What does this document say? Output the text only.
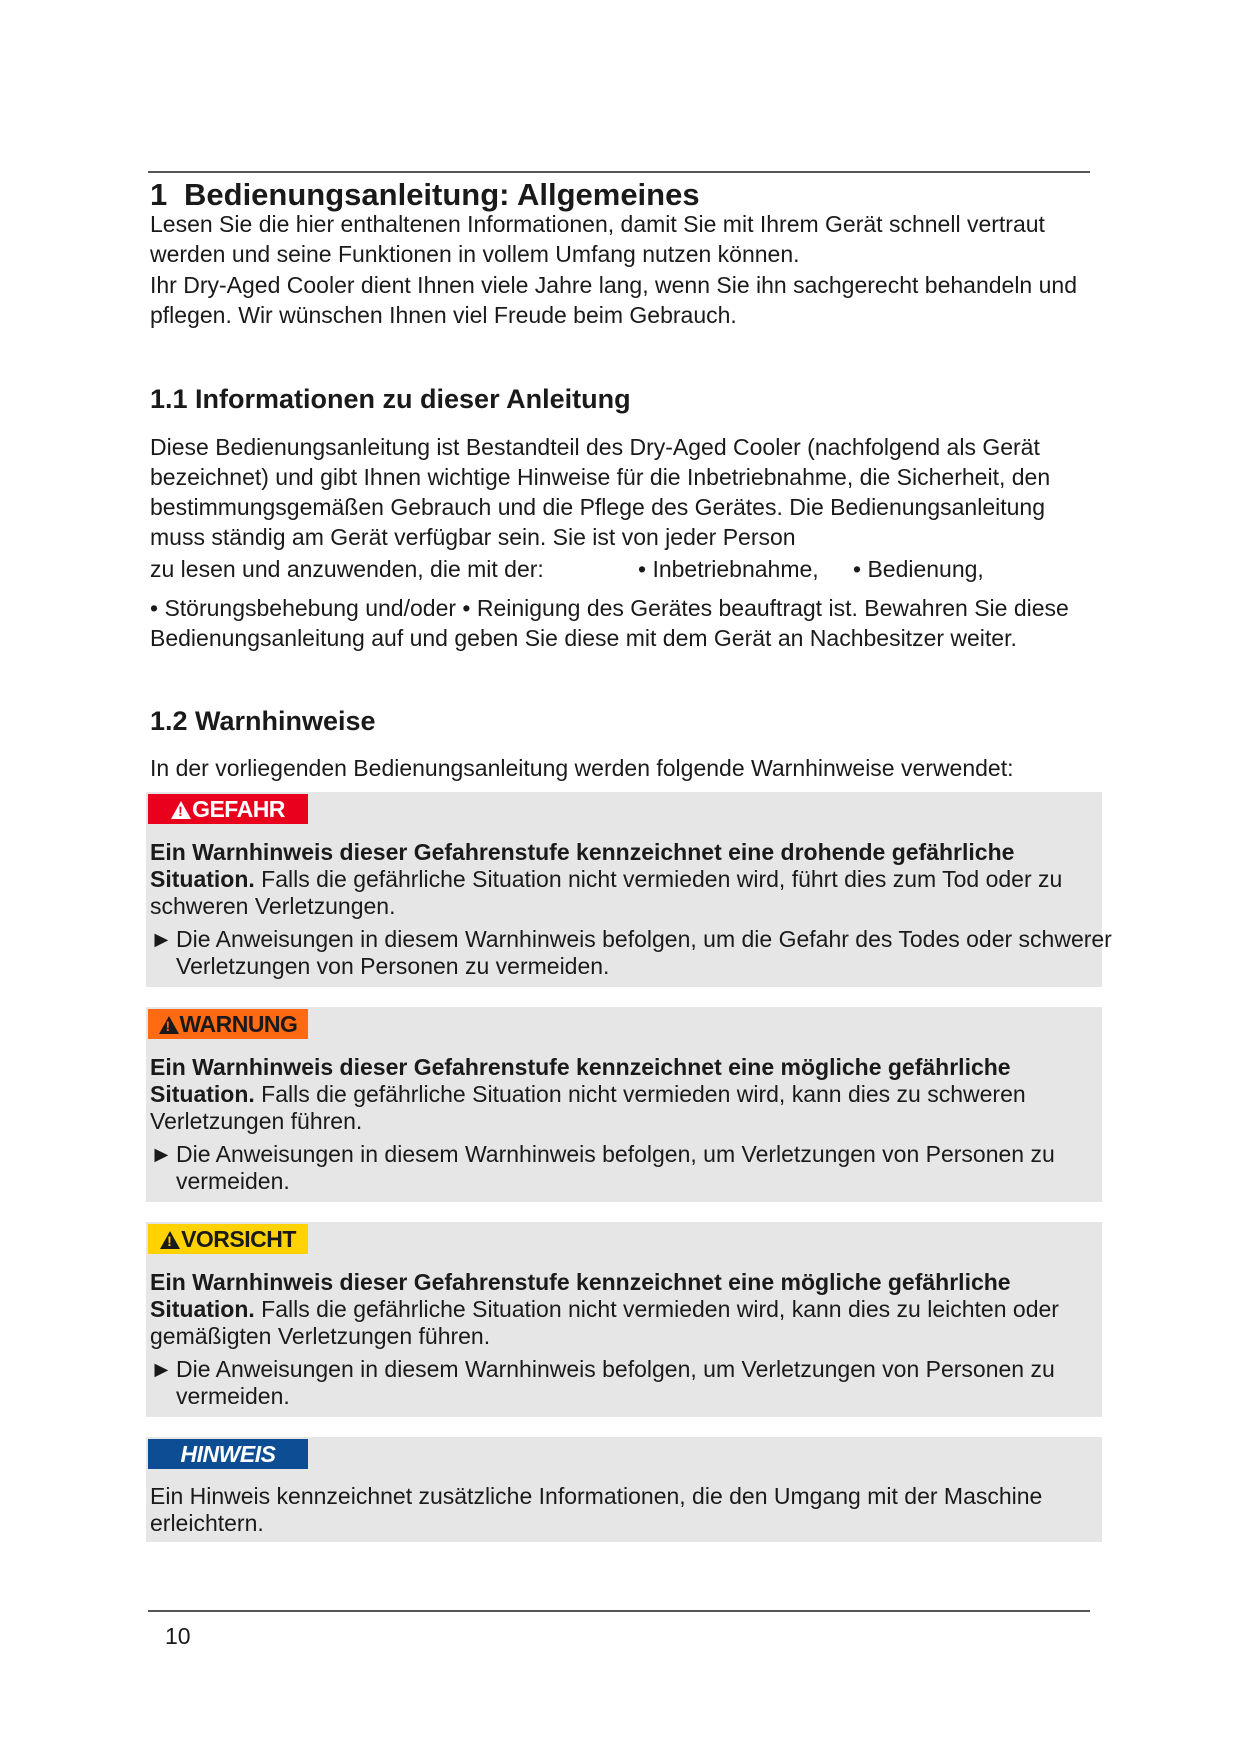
1 Bedienungsanleitung: Allgemeines

Lesen Sie die hier enthaltenen Informationen, damit Sie mit Ihrem Gerät schnell vertraut werden und seine Funktionen in vollem Umfang nutzen können.

Ihr Dry-Aged Cooler dient Ihnen viele Jahre lang, wenn Sie ihn sachgerecht behandeln und pflegen. Wir wünschen Ihnen viel Freude beim Gebrauch.

1.1 Informationen zu dieser Anleitung

Diese Bedienungsanleitung ist Bestandteil des Dry-Aged Cooler (nachfolgend als Gerät bezeichnet) und gibt Ihnen wichtige Hinweise für die Inbetriebnahme, die Sicherheit, den bestimmungsgemäßen Gebrauch und die Pflege des Gerätes. Die Bedienungsanleitung muss ständig am Gerät verfügbar sein. Sie ist von jeder Person

zu lesen und anzuwenden, die mit der:	• Inbetriebnahme, • Bedienung,

• Störungsbehebung und/oder • Reinigung des Gerätes beauftragt ist. Bewahren Sie diese Bedienungsanleitung auf und geben Sie diese mit dem Gerät an Nachbesitzer weiter.

1.2 Warnhinweise

In der vorliegenden Bedienungsanleitung werden folgende Warnhinweise verwendet:

!GEFAHR

Ein Warnhinweis dieser Gefahrenstufe kennzeichnet eine drohende gefährliche Situation. Falls die gefährliche Situation nicht vermieden wird, führt dies zum Tod oder zu schweren Verletzungen.

► Die Anweisungen in diesem Warnhinweis befolgen, um die Gefahr des Todes oder schwerer Verletzungen von Personen zu vermeiden.

!WARNUNG

Ein Warnhinweis dieser Gefahrenstufe kennzeichnet eine mögliche gefährliche Situation. Falls die gefährliche Situation nicht vermieden wird, kann dies zu schweren Verletzungen führen.

► Die Anweisungen in diesem Warnhinweis befolgen, um Verletzungen von Personen zu vermeiden.

!VORSICHT

Ein Warnhinweis dieser Gefahrenstufe kennzeichnet eine mögliche gefährliche Situation. Falls die gefährliche Situation nicht vermieden wird, kann dies zu leichten oder gemäßigten Verletzungen führen.

► Die Anweisungen in diesem Warnhinweis befolgen, um Verletzungen von Personen zu vermeiden.

HINWEIS

Ein Hinweis kennzeichnet zusätzliche Informationen, die den Umgang mit der Maschine erleichtern.

10
